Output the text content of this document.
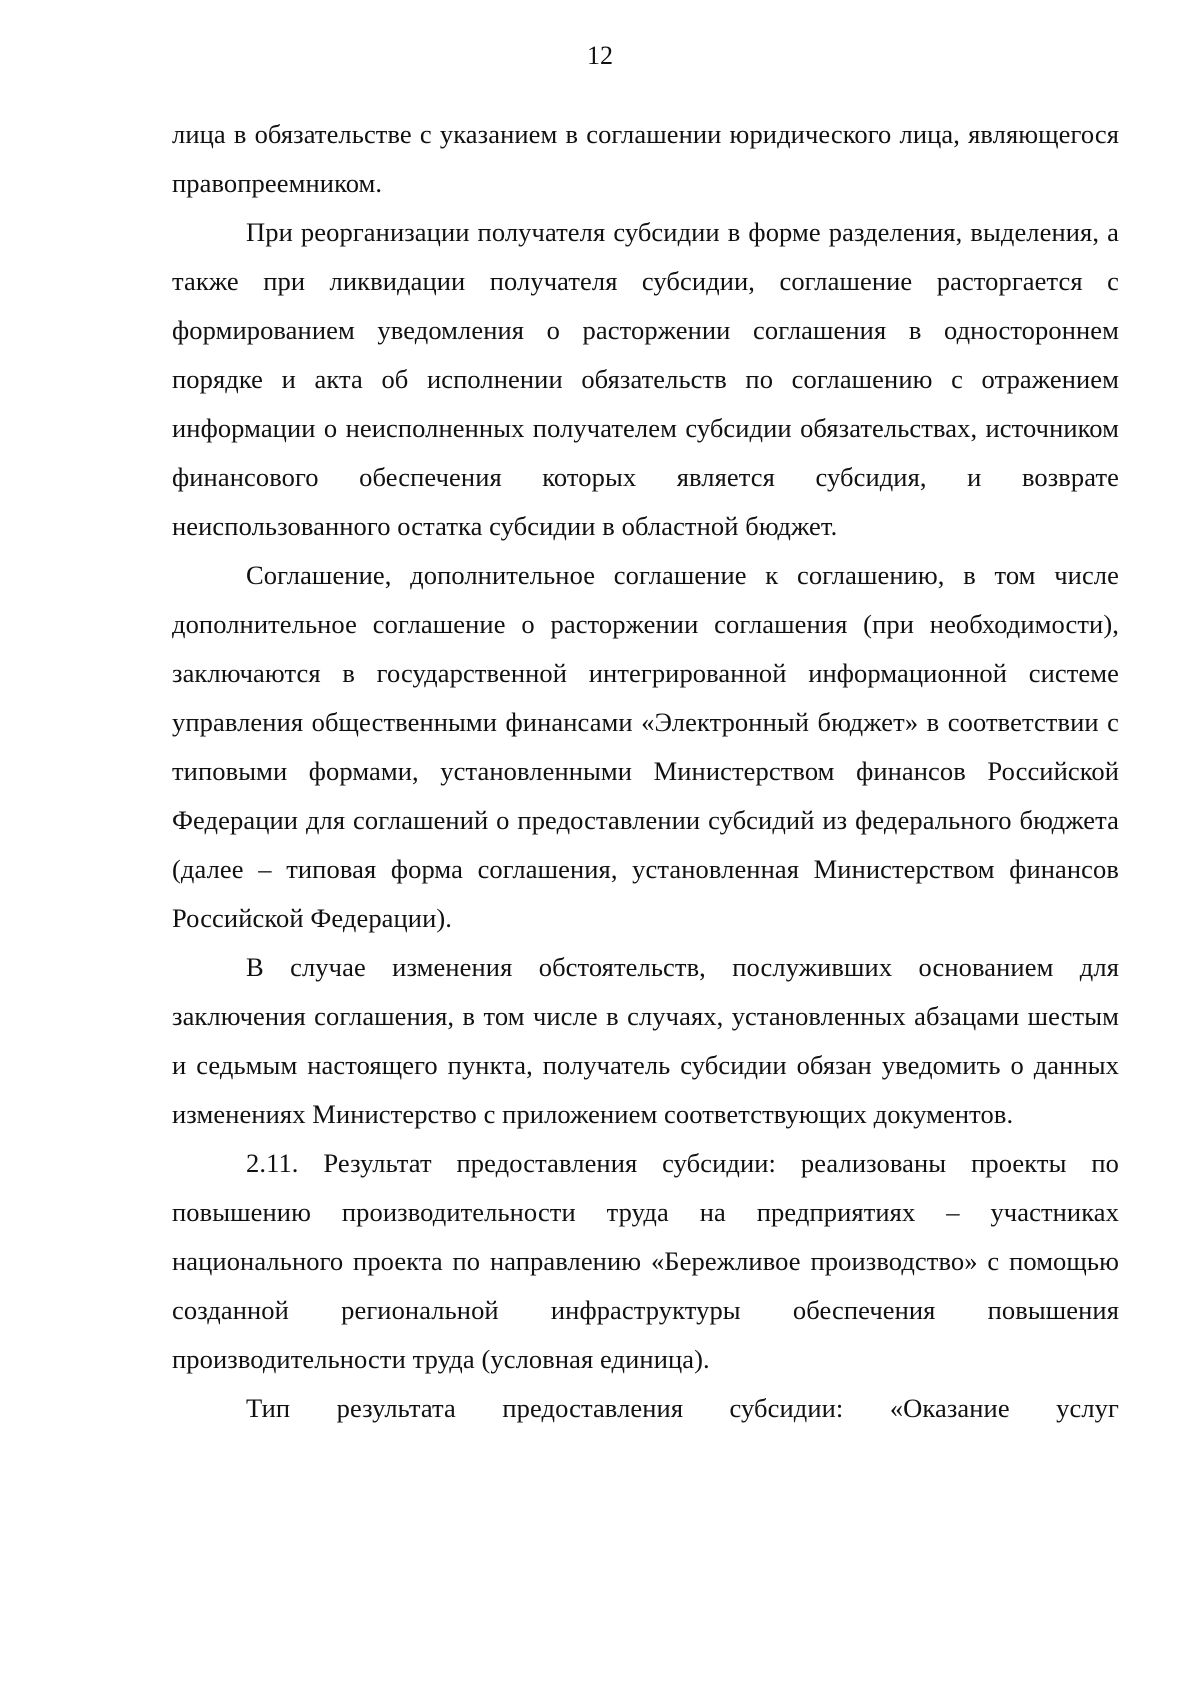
12

лица в обязательстве с указанием в соглашении юридического лица, являющегося правопреемником.

При реорганизации получателя субсидии в форме разделения, выделения, а также при ликвидации получателя субсидии, соглашение расторгается с формированием уведомления о расторжении соглашения в одностороннем порядке и акта об исполнении обязательств по соглашению с отражением информации о неисполненных получателем субсидии обязательствах, источником финансового обеспечения которых является субсидия, и возврате неиспользованного остатка субсидии в областной бюджет.

Соглашение, дополнительное соглашение к соглашению, в том числе дополнительное соглашение о расторжении соглашения (при необходимости), заключаются в государственной интегрированной информационной системе управления общественными финансами «Электронный бюджет» в соответствии с типовыми формами, установленными Министерством финансов Российской Федерации для соглашений о предоставлении субсидий из федерального бюджета (далее – типовая форма соглашения, установленная Министерством финансов Российской Федерации).

В случае изменения обстоятельств, послуживших основанием для заключения соглашения, в том числе в случаях, установленных абзацами шестым и седьмым настоящего пункта, получатель субсидии обязан уведомить о данных изменениях Министерство с приложением соответствующих документов.

2.11. Результат предоставления субсидии: реализованы проекты по повышению производительности труда на предприятиях – участниках национального проекта по направлению «Бережливое производство» с помощью созданной региональной инфраструктуры обеспечения повышения производительности труда (условная единица).

Тип результата предоставления субсидии: «Оказание услуг
